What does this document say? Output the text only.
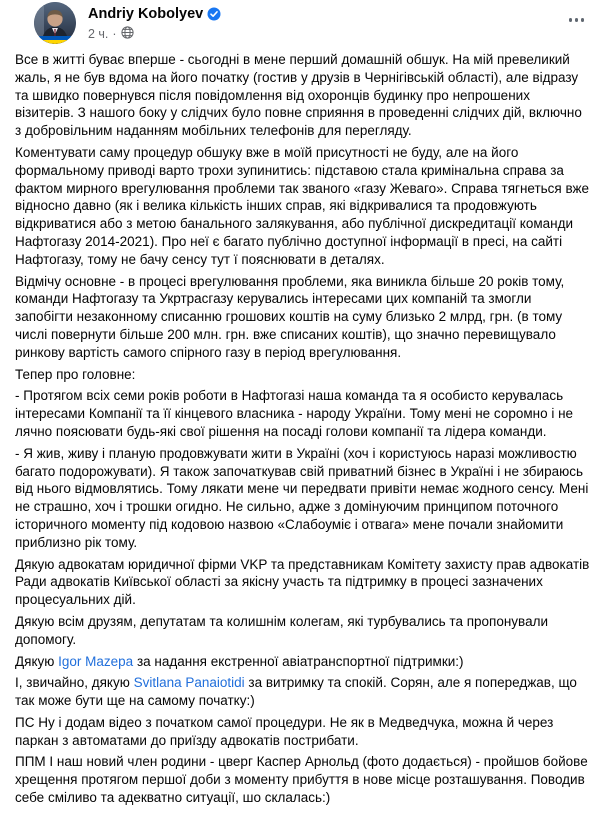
Andriy Kobolyev
2 ч. ·

Все в житті буває вперше - сьогодні в мене перший домашній обшук. На мій превеликий жаль, я не був вдома на його початку (гостив у друзів в Чернігівській області), але відразу та швидко повернувся після повідомлення від охоронців будинку про непрошених візитерів. З нашого боку у слідчих було повне сприяння в проведенні слідчих дій, включно з добровільним наданням мобільних телефонів для перегляду.

Коментувати саму процедур обшуку вже в моїй присутності не буду, але на його формальному приводі варто трохи зупинитись: підставою стала кримінальна справа за фактом мирного врегулювання проблеми так званого «газу Жеваго». Справа тягнеться вже відносно давно (як і велика кількість інших справ, які відкривалися та продовжують відкриватися або з метою банального залякування, або публічної дискредитації команди Нафтогазу 2014-2021). Про неї є багато публічно доступної інформації в пресі, на сайті Нафтогазу, тому не бачу сенсу тут ї пояснювати в деталях.

Відмічу основне - в процесі врегулювання проблеми, яка виникла більше 20 років тому, команди Нафтогазу та Укртрасгазу керувались інтересами цих компаній та змогли запобігти незаконному списанню грошових коштів на суму близько 2 млрд, грн. (в тому числі повернути більше 200 млн. грн. вже списаних коштів), що значно перевищувало ринкову вартість самого спірного газу в період врегулювання.

Тепер про головне:

- Протягом всіх семи років роботи в Нафтогазі наша команда та я особисто керувалась інтересами Компанії та її кінцевого власника - народу України. Тому мені не соромно і не лячно поясювати будь-які свої рішення на посаді голови компанії та лідера команди.

- Я жив, живу і планую продовжувати жити в Україні (хоч і користуюсь наразі можливостю багато подорожувати). Я також започаткував свій приватний бізнес в Україні і не збираюсь від нього відмовлятись. Тому лякати мене чи передвати привіти немає жодного сенсу. Мені не страшно, хоч і трошки огидно. Не сильно, адже з домінуючим принципом поточного історичного моменту під кодовою назвою «Слабоуміє і отвага» мене почали знайомити приблизно рік тому.

Дякую адвокатам юридичної фірми VKP та представникам Комітету захисту прав адвокатів Ради адвокатів Київської області за якісну участь та підтримку в процесі зазначених процесуальних дій.

Дякую всім друзям, депутатам та колишнім колегам, які турбувались та пропонували допомогу.

Дякую Igor Mazepa за надання екстренної авіатранспортної підтримки:)

І, звичайно, дякую Svitlana Panaiotidi за витримку та спокій. Сорян, але я попереджав, що так може бути ще на самому початку:)

ПС Ну і додам відео з початком самої процедури. Не як в Медведчука, можна й через паркан з автоматами до приїзду адвокатів пострибати.

ППМ І наш новий член родини - цверг Каспер Арнольд (фото додається) - пройшов бойове хрещення протягом першої доби з моменту прибуття в нове місце розташування. Поводив себе сміливо та адекватно ситуації, шо склалась:)
